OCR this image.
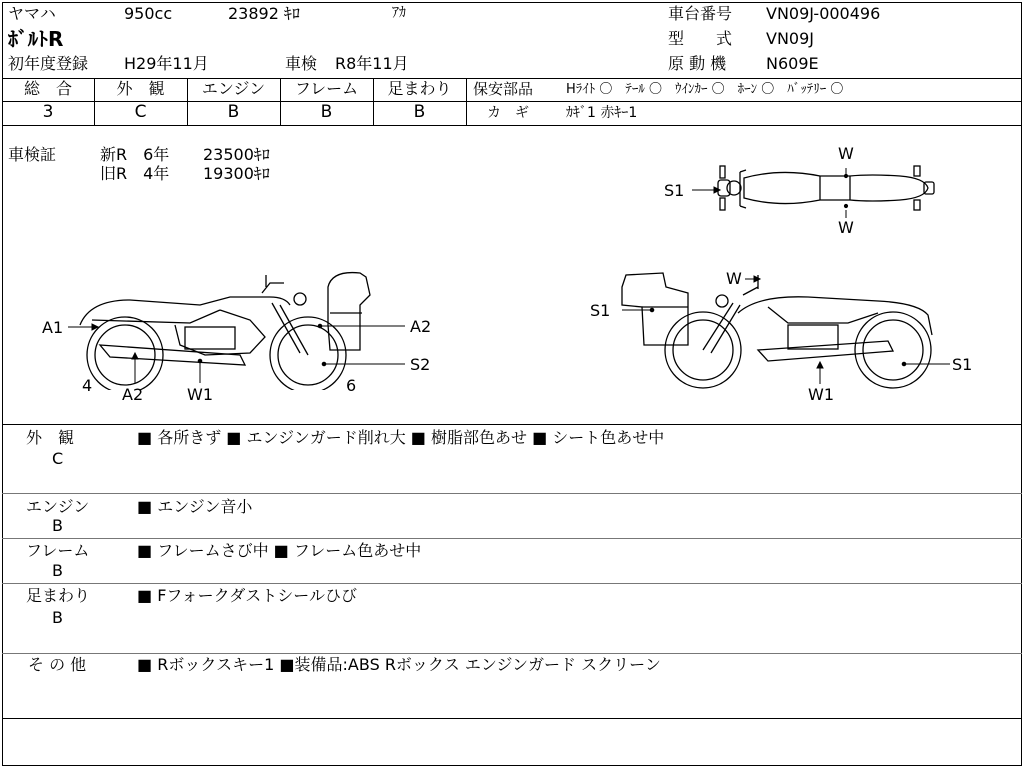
ヤマハ	950cc	23892 ｷﾛ	ｱｶ
ﾎﾞﾙﾄR
初年度登録 H29年11月	車検 R8年11月
車台番号 VN09J-000496
型　　式 VN09J
原 動 機 N609E
総　合	外　観	エンジン	フレーム	足まわり
3	C	B	B	B
保安部品	Hﾗｲﾄ 〇　ﾃｰﾙ 〇　ｳｲﾝｶｰ 〇　ﾎｰﾝ 〇　ﾊﾞｯﾃﾘｰ 〇
カ　ギ	ｶｷﾞ1 赤ｷｰ1
車検証	新R　6年 23500ｷﾛ
旧R　4年 19300ｷﾛ
S1
W
W
A1	A2
S2
4	6
A2	W1
W
S1
S1
W1
外　観
C
■ 各所きず ■ エンジンガード削れ大 ■ 樹脂部色あせ ■ シート色あせ中
エンジン
B
■ エンジン音小
フレーム
B
■ フレームさび中 ■ フレーム色あせ中
足まわり
B
■ Fフォークダストシールひび
そ の 他	■ Rボックスキー1 ■装備品:ABS Rボックス エンジンガード スクリーン
